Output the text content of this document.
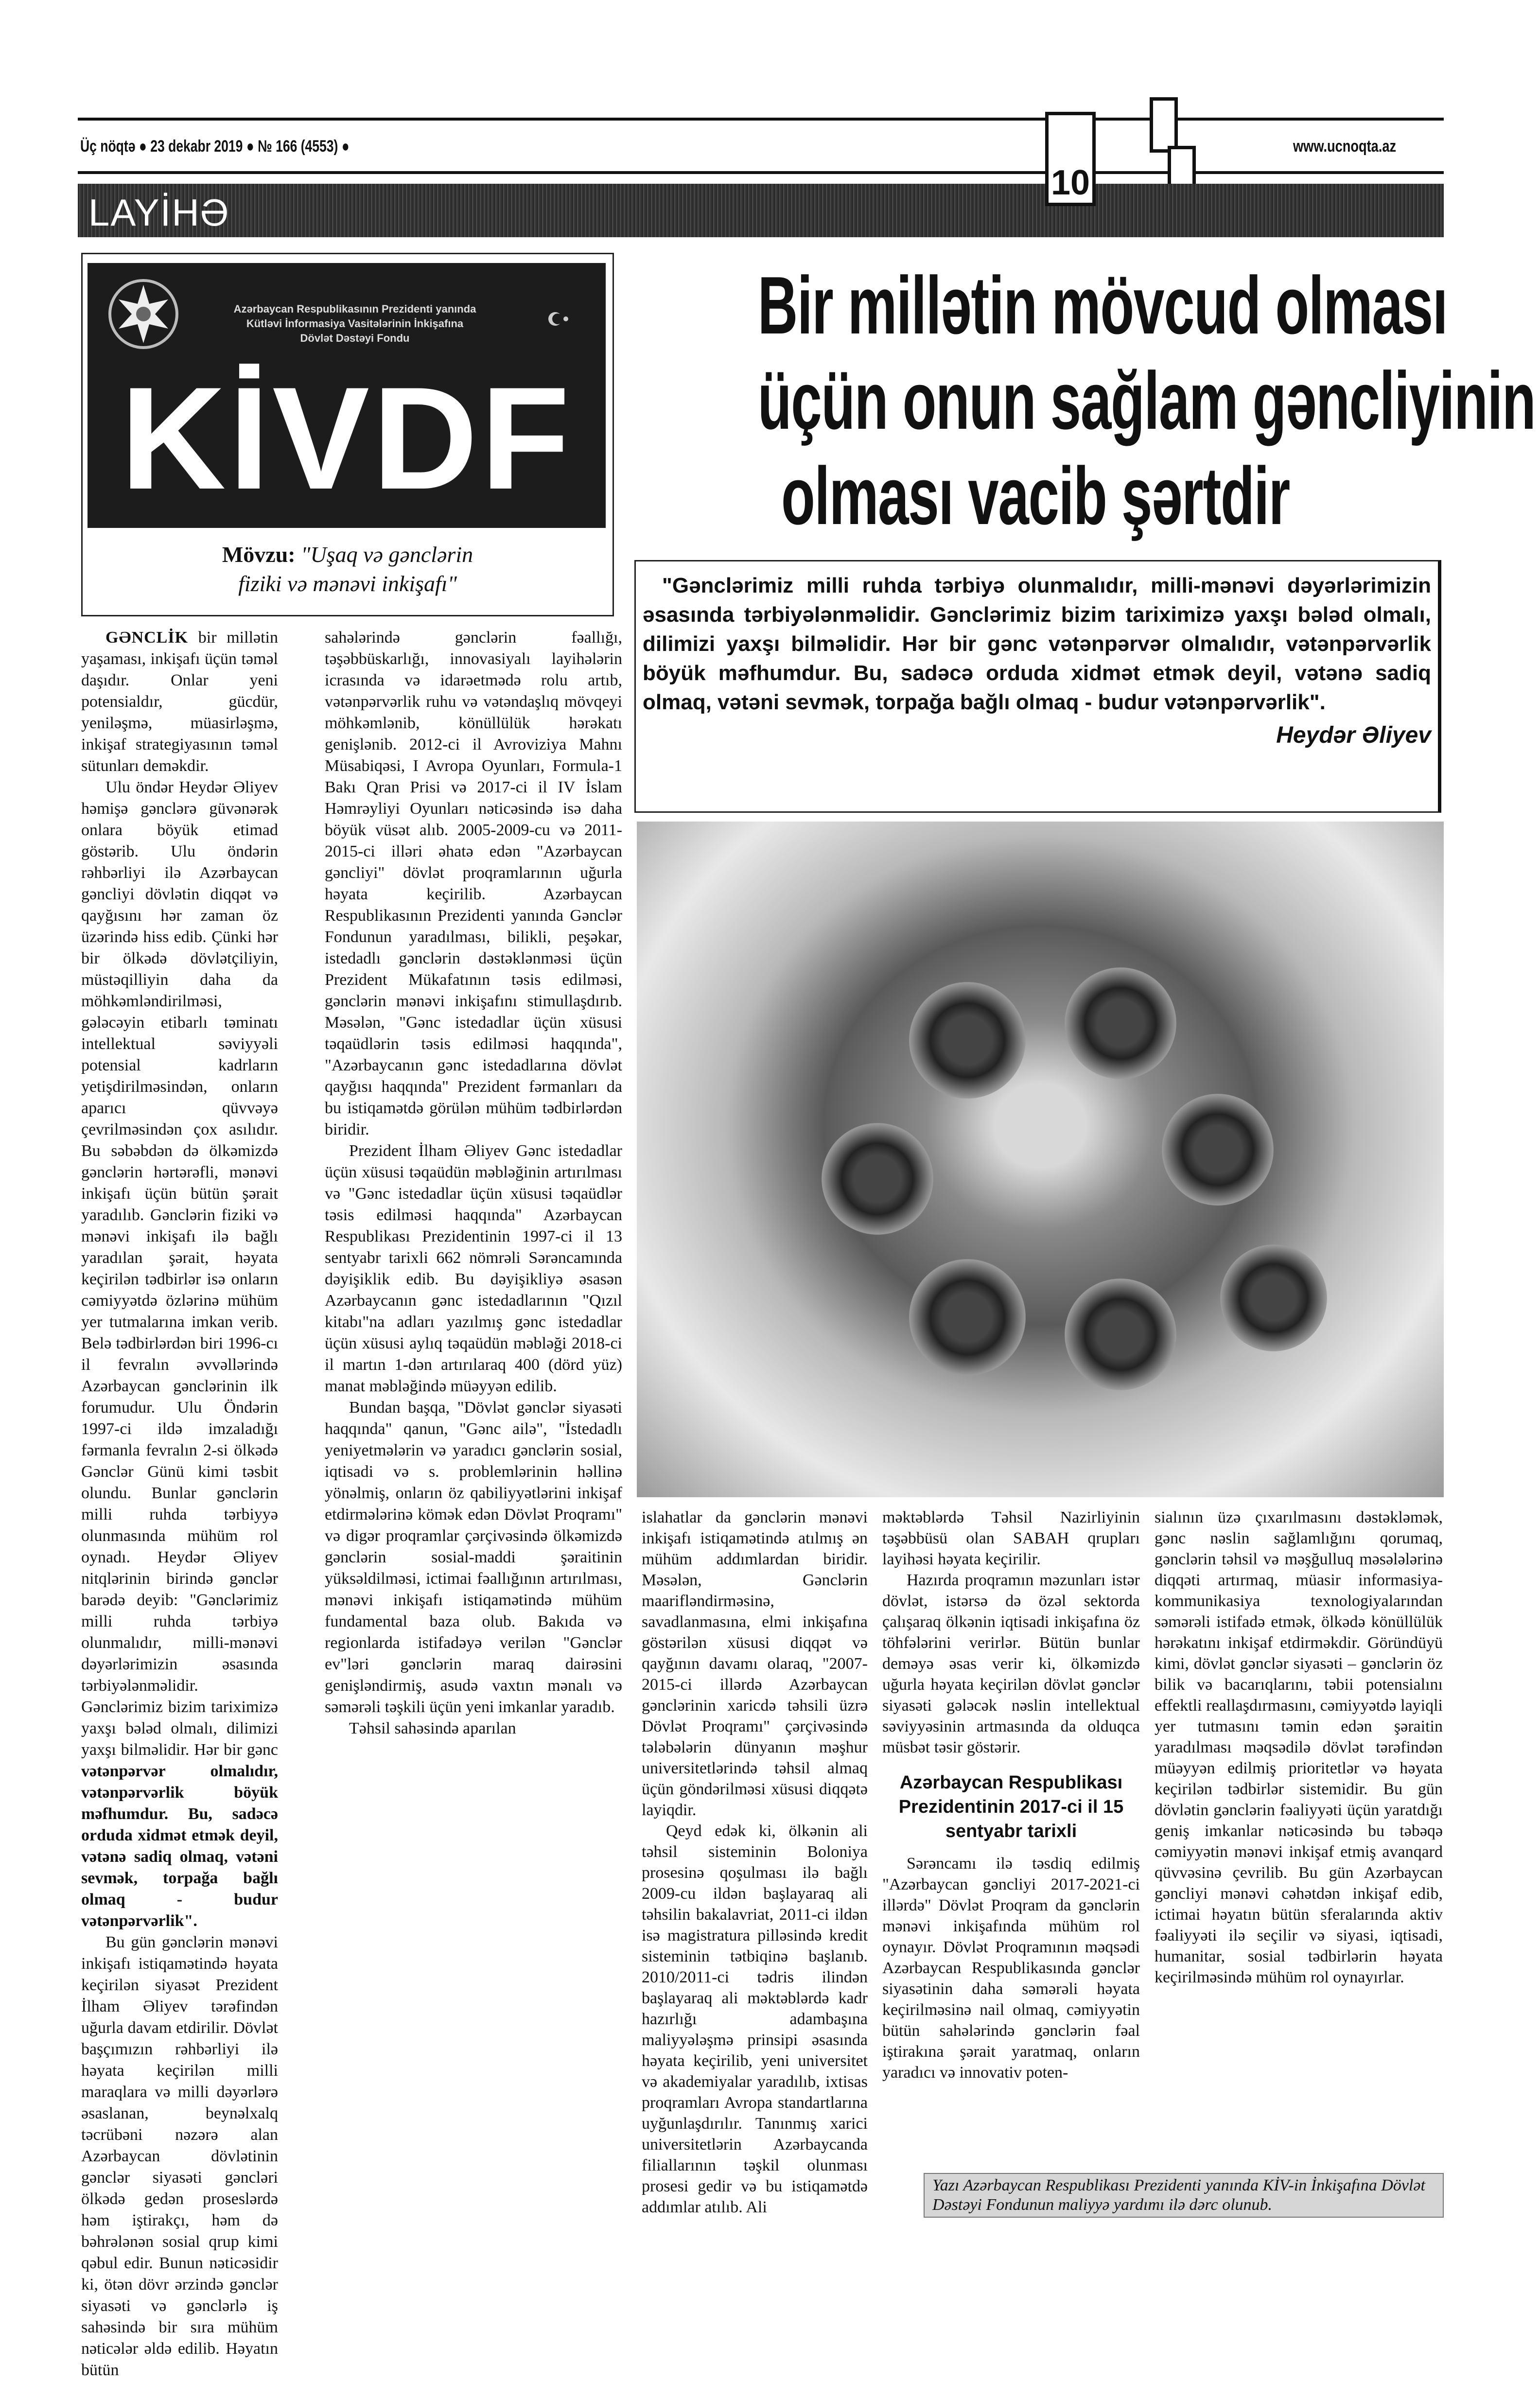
Üç nöqtə ● 23 dekabr 2019 ● № 166 (4553) ●	www.ucnoqta.az
LAYİHƏ
10
Azərbaycan Respublikasının Prezidenti yanında
Kütləvi İnformasiya Vasitələrinin İnkişafına
Dövlət Dəstəyi Fondu
KİVDF
Mövzu: "Uşaq və gənclərin
fiziki və mənəvi inkişafı"
Bir millətin mövcud olması
üçün onun sağlam gəncliyinin
olması vacib şərtdir
"Gənclərimiz milli ruhda tərbiyə olunmalıdır, milli-mənəvi dəyərlərimizin əsasında tərbiyələnməlidir. Gənclərimiz bizim tariximizə yaxşı bələd olmalı, dilimizi yaxşı bilməlidir. Hər bir gənc vətənpərvər olmalıdır, vətənpərvərlik böyük məfhumdur. Bu, sadəcə orduda xidmət etmək deyil, vətənə sadiq olmaq, vətəni sevmək, torpağa bağlı olmaq - budur vətənpərvərlik".
Heydər Əliyev

GƏNCLİK bir millətin yaşaması, inkişafı üçün təməl daşıdır. Onlar yeni potensialdır, gücdür, yeniləşmə, müasirləşmə, inkişaf strategiyasının təməl sütunları deməkdir.

Ulu öndər Heydər Əliyev həmişə gənclərə güvənərək onlara böyük etimad göstərib. Ulu öndərin rəhbərliyi ilə Azərbaycan gəncliyi dövlətin diqqət və qayğısını hər zaman öz üzərində hiss edib. Çünki hər bir ölkədə dövlətçiliyin, müstəqilliyin daha da möhkəmləndirilməsi, gələcəyin etibarlı təminatı intellektual səviyyəli potensial kadrların yetişdirilməsindən, onların aparıcı qüvvəyə çevrilməsindən çox asılıdır. Bu səbəbdən də ölkəmizdə gənclərin hərtərəfli, mənəvi inkişafı üçün bütün şərait yaradılıb. Gənclərin fiziki və mənəvi inkişafı ilə bağlı yaradılan şərait, həyata keçirilən tədbirlər isə onların cəmiyyətdə özlərinə mühüm yer tutmalarına imkan verib. Belə tədbirlərdən biri 1996-cı il fevralın əvvəllərində Azərbaycan gənclərinin ilk forumudur. Ulu Öndərin 1997-ci ildə imzaladığı fərmanla fevralın 2-si ölkədə Gənclər Günü kimi təsbit olundu. Bunlar gənclərin milli ruhda tərbiyyə olunmasında mühüm rol oynadı. Heydər Əliyev nitqlərinin birində gənclər barədə deyib: "Gənclərimiz milli ruhda tərbiyə olunmalıdır, milli-mənəvi dəyərlərimizin əsasında tərbiyələnməlidir. Gənclərimiz bizim tariximizə yaxşı bələd olmalı, dilimizi yaxşı bilməlidir. Hər bir gənc vətənpərvər olmalıdır, vətənpərvərlik böyük məfhumdur. Bu, sadəcə orduda xidmət etmək deyil, vətənə sadiq olmaq, vətəni sevmək, torpağa bağlı olmaq - budur vətənpərvərlik".

Bu gün gənclərin mənəvi inkişafı istiqamətində həyata keçirilən siyasət Prezident İlham Əliyev tərəfindən uğurla davam etdirilir. Dövlət başçımızın rəhbərliyi ilə həyata keçirilən milli maraqlara və milli dəyərlərə əsaslanan, beynəlxalq təcrübəni nəzərə alan Azərbaycan dövlətinin gənclər siyasəti gəncləri ölkədə gedən proseslərdə həm iştirakçı, həm də bəhrələnən sosial qrup kimi qəbul edir. Bunun nəticəsidir ki, ötən dövr ərzində gənclər siyasəti və gənclərlə iş sahəsində bir sıra mühüm nəticələr əldə edilib. Həyatın bütün

sahələrində gənclərin fəallığı, təşəbbüskarlığı, innovasiyalı layihələrin icrasında və idarəetmədə rolu artıb, vətənpərvərlik ruhu və vətəndaşlıq mövqeyi möhkəmlənib, könüllülük hərəkatı genişlənib. 2012-ci il Avroviziya Mahnı Müsabiqəsi, I Avropa Oyunları, Formula-1 Bakı Qran Prisi və 2017-ci il IV İslam Həmrəyliyi Oyunları nəticəsində isə daha böyük vüsət alıb. 2005-2009-cu və 2011-2015-ci illəri əhatə edən "Azərbaycan gəncliyi" dövlət proqramlarının uğurla həyata keçirilib. Azərbaycan Respublikasının Prezidenti yanında Gənclər Fondunun yaradılması, bilikli, peşəkar, istedadlı gənclərin dəstəklənməsi üçün Prezident Mükafatının təsis edilməsi, gənclərin mənəvi inkişafını stimullaşdırıb. Məsələn, "Gənc istedadlar üçün xüsusi təqaüdlərin təsis edilməsi haqqında", "Azərbaycanın gənc istedadlarına dövlət qayğısı haqqında" Prezident fərmanları da bu istiqamətdə görülən mühüm tədbirlərdən biridir.

Prezident İlham Əliyev Gənc istedadlar üçün xüsusi təqaüdün məbləğinin artırılması və "Gənc istedadlar üçün xüsusi təqaüdlər təsis edilməsi haqqında" Azərbaycan Respublikası Prezidentinin 1997-ci il 13 sentyabr tarixli 662 nömrəli Sərəncamında dəyişiklik edib. Bu dəyişikliyə əsasən Azərbaycanın gənc istedadlarının "Qızıl kitabı"na adları yazılmış gənc istedadlar üçün xüsusi aylıq təqaüdün məbləği 2018-ci il martın 1-dən artırılaraq 400 (dörd yüz) manat məbləğində müəyyən edilib.

Bundan başqa, "Dövlət gənclər siyasəti haqqında" qanun, "Gənc ailə", "İstedadlı yeniyetmələrin və yaradıcı gənclərin sosial, iqtisadi və s. problemlərinin həllinə yönəlmiş, onların öz qabiliyyətlərini inkişaf etdirmələrinə kömək edən Dövlət Proqramı" və digər proqramlar çərçivəsində ölkəmizdə gənclərin sosial-maddi şəraitinin yüksəldilməsi, ictimai fəallığının artırılması, mənəvi inkişafı istiqamətində mühüm fundamental baza olub. Bakıda və regionlarda istifadəyə verilən "Gənclər ev"ləri gənclərin maraq dairəsini genişləndirmiş, asudə vaxtın mənalı və səmərəli təşkili üçün yeni imkanlar yaradıb.

Təhsil sahəsində aparılan

islahatlar da gənclərin mənəvi inkişafı istiqamətində atılmış ən mühüm addımlardan biridir. Məsələn, Gənclərin maarifləndirməsinə, savadlanmasına, elmi inkişafına göstərilən xüsusi diqqət və qayğının davamı olaraq, "2007-2015-ci illərdə Azərbaycan gənclərinin xaricdə təhsili üzrə Dövlət Proqramı" çərçivəsində tələbələrin dünyanın məşhur universitetlərində təhsil almaq üçün göndərilməsi xüsusi diqqətə layiqdir.

Qeyd edək ki, ölkənin ali təhsil sisteminin Boloniya prosesinə qoşulması ilə bağlı 2009-cu ildən başlayaraq ali təhsilin bakalavriat, 2011-ci ildən isə magistratura pilləsində kredit sisteminin tətbiqinə başlanıb. 2010/2011-ci tədris ilindən başlayaraq ali məktəblərdə kadr hazırlığı adambaşına maliyyələşmə prinsipi əsasında həyata keçirilib, yeni universitet və akademiyalar yaradılıb, ixtisas proqramları Avropa standartlarına uyğunlaşdırılır. Tanınmış xarici universitetlərin Azərbaycanda filiallarının təşkil olunması prosesi gedir və bu istiqamətdə addımlar atılıb. Ali

məktəblərdə Təhsil Nazirliyinin təşəbbüsü olan SABAH qrupları layihəsi həyata keçirilir.

Hazırda proqramın məzunları istər dövlət, istərsə də özəl sektorda çalışaraq ölkənin iqtisadi inkişafına öz töhfələrini verirlər. Bütün bunlar deməyə əsas verir ki, ölkəmizdə uğurla həyata keçirilən dövlət gənclər siyasəti gələcək nəslin intellektual səviyyəsinin artmasında da olduqca müsbət təsir göstərir.

Azərbaycan Respublikası Prezidentinin 2017-ci il 15 sentyabr tarixli

Sərəncamı ilə təsdiq edilmiş "Azərbaycan gəncliyi 2017-2021-ci illərdə" Dövlət Proqram da gənclərin mənəvi inkişafında mühüm rol oynayır. Dövlət Proqramının məqsədi Azərbaycan Respublikasında gənclər siyasətinin daha səmərəli həyata keçirilməsinə nail olmaq, cəmiyyətin bütün sahələrində gənclərin fəal iştirakına şərait yaratmaq, onların yaradıcı və innovativ poten-

sialının üzə çıxarılmasını dəstəkləmək, gənc nəslin sağlamlığını qorumaq, gənclərin təhsil və məşğulluq məsələlərinə diqqəti artırmaq, müasir informasiya-kommunikasiya texnologiyalarından səmərəli istifadə etmək, ölkədə könüllülük hərəkatını inkişaf etdirməkdir. Göründüyü kimi, dövlət gənclər siyasəti – gənclərin öz bilik və bacarıqlarını, təbii potensialını effektli reallaşdırmasını, cəmiyyətdə layiqli yer tutmasını təmin edən şəraitin yaradılması məqsədilə dövlət tərəfindən müəyyən edilmiş prioritetlər və həyata keçirilən tədbirlər sistemidir. Bu gün dövlətin gənclərin fəaliyyəti üçün yaratdığı geniş imkanlar nəticəsində bu təbəqə cəmiyyətin mənəvi inkişaf etmiş avanqard qüvvəsinə çevrilib. Bu gün Azərbaycan gəncliyi mənəvi cəhətdən inkişaf edib, ictimai həyatın bütün sferalarında aktiv fəaliyyəti ilə seçilir və siyasi, iqtisadi, humanitar, sosial tədbirlərin həyata keçirilməsində mühüm rol oynayırlar.

Yazı Azərbaycan Respublikası Prezidenti yanında KİV-in İnkişafına Dövlət Dəstəyi Fondunun maliyyə yardımı ilə dərc olunub.
